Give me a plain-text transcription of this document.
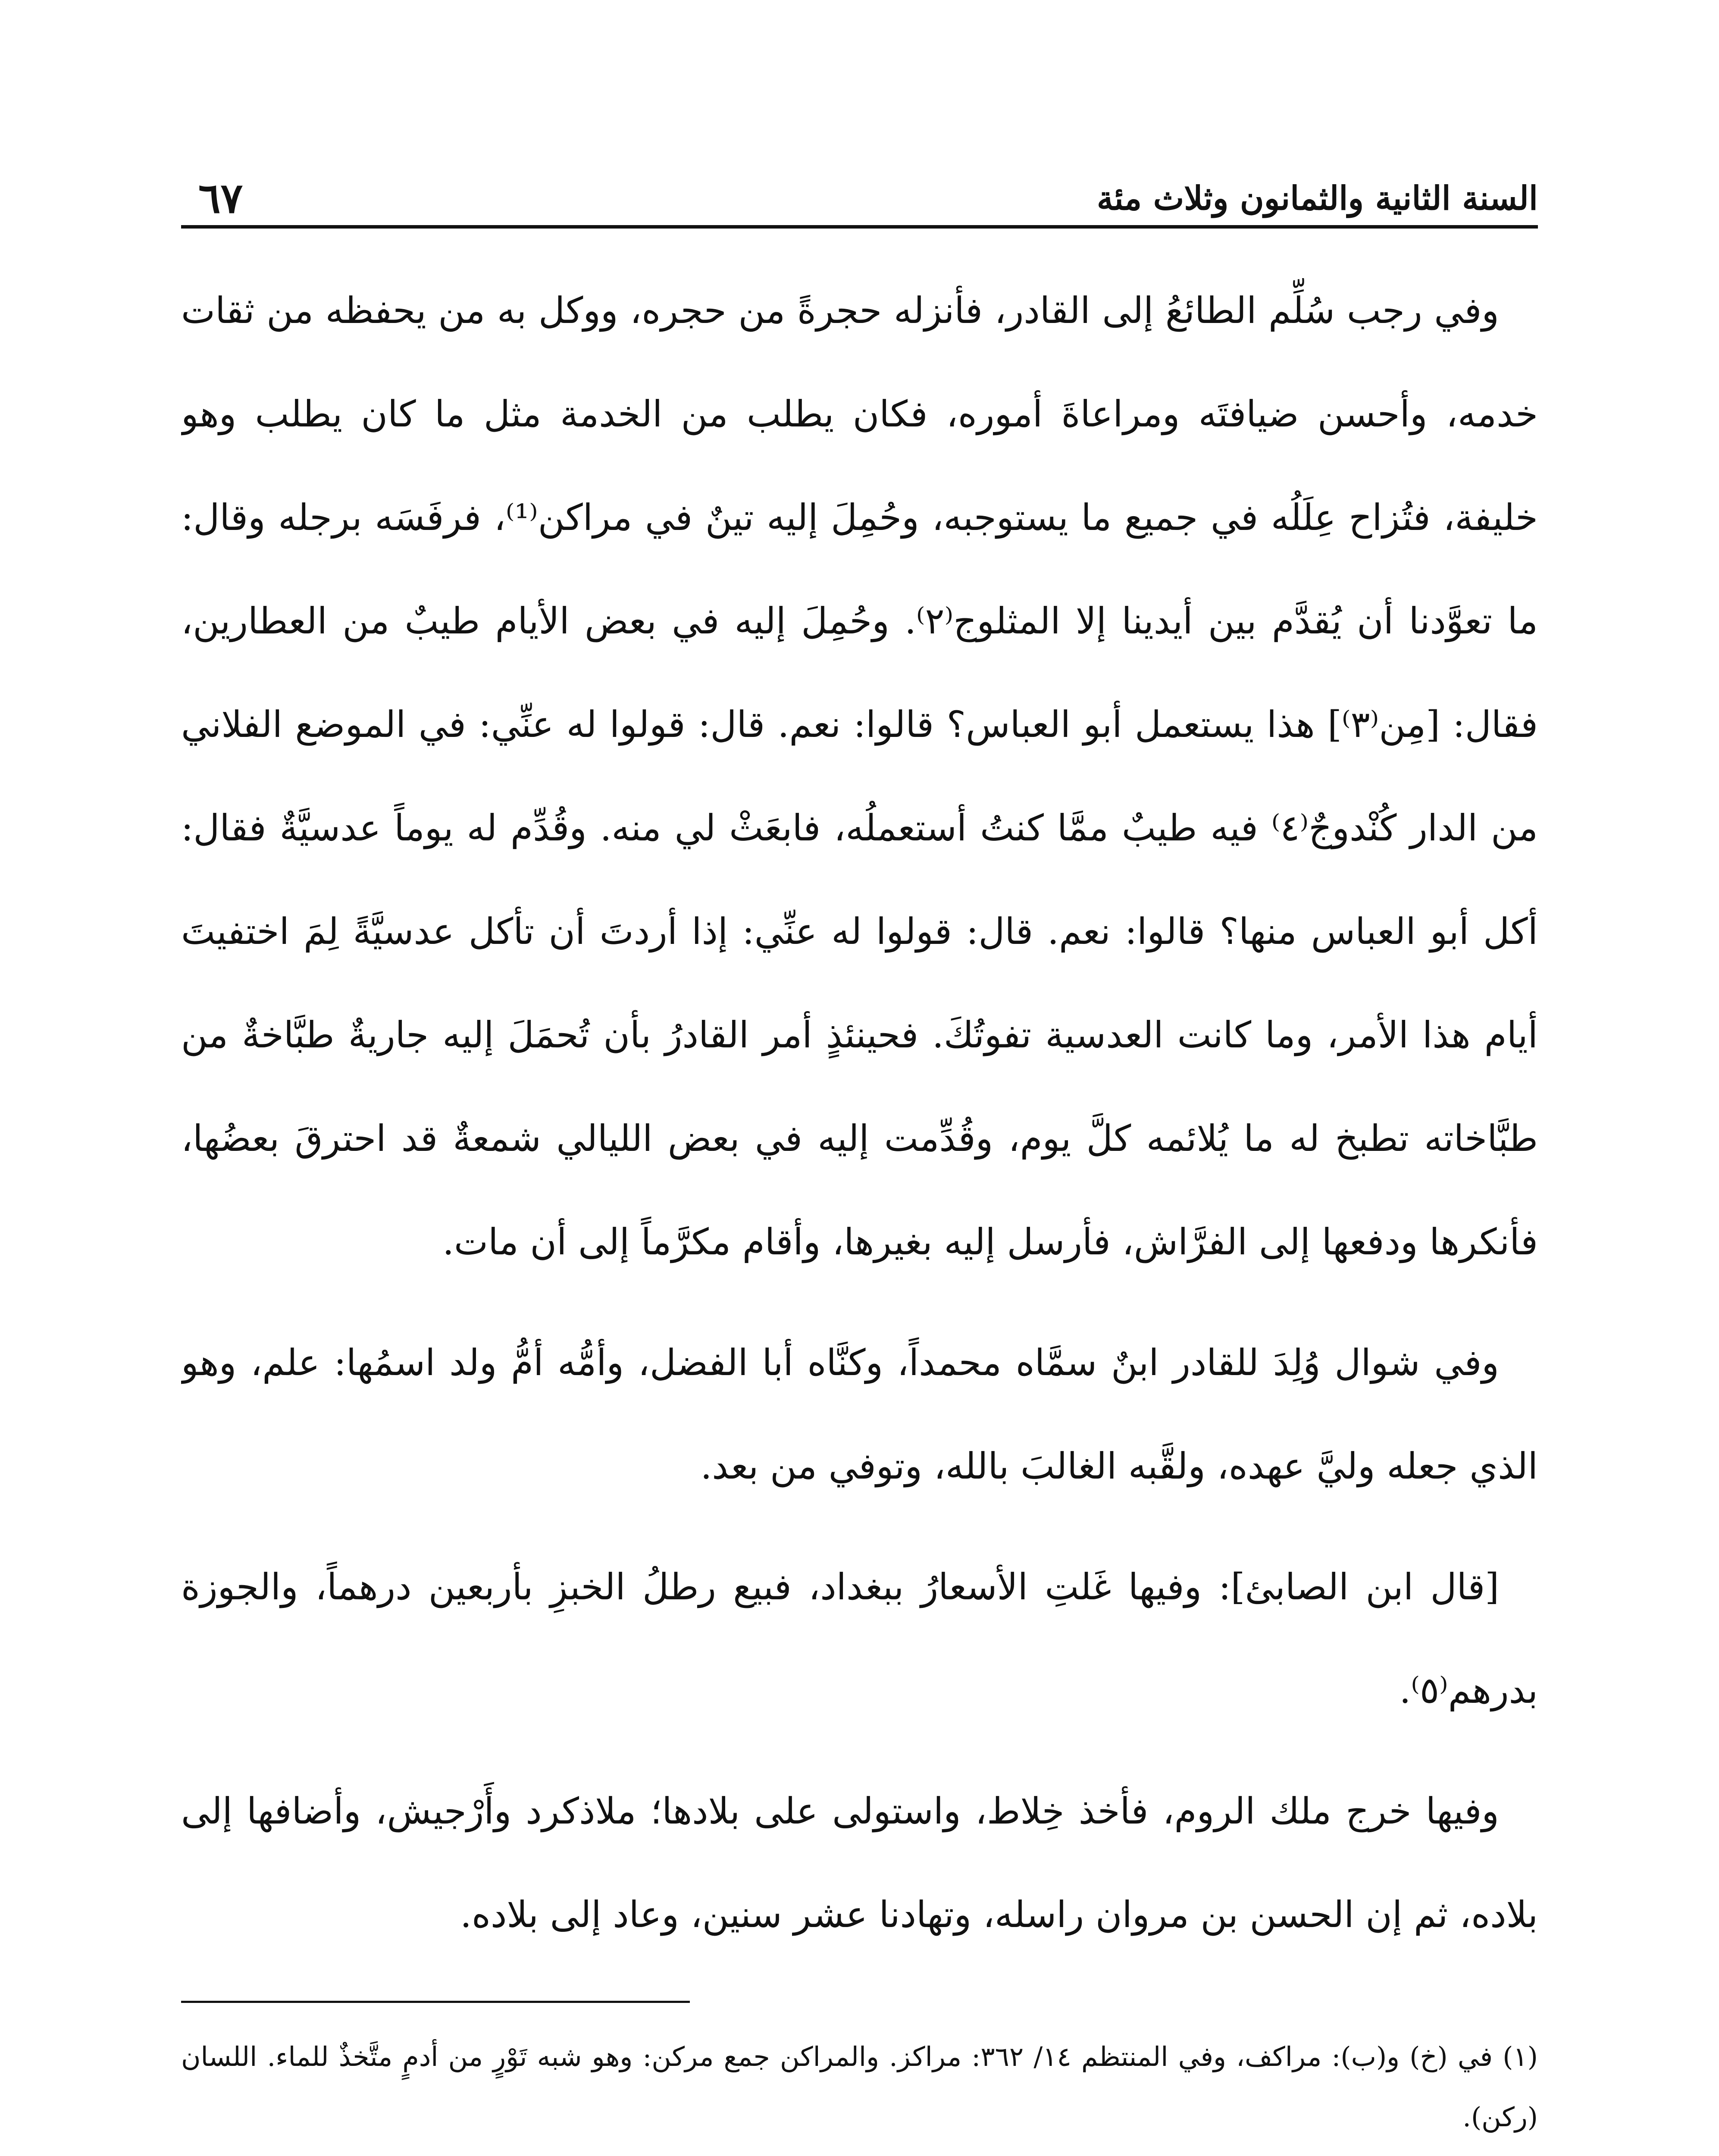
السنة الثانية والثمانون وثلاث مئة
٦٧

وفي رجب سُلِّم الطائعُ إلى القادر، فأنزله حجرةً من حجره، ووكل به من يحفظه من ثقات خدمه، وأحسن ضيافتَه ومراعاةَ أموره، فكان يطلب من الخدمة مثل ما كان يطلب وهو خليفة، فتُزاح عِلَلُه في جميع ما يستوجبه، وحُمِلَ إليه تينٌ في مراكن⁽¹⁾، فرفَسَه برجله وقال: ما تعوَّدنا أن يُقدَّم بين أيدينا إلا المثلوج⁽٢⁾. وحُمِلَ إليه في بعض الأيام طيبٌ من العطارين، فقال: [مِن⁽٣⁾] هذا يستعمل أبو العباس؟ قالوا: نعم. قال: قولوا له عنِّي: في الموضع الفلاني من الدار كُنْدوجٌ⁽٤⁾ فيه طيبٌ ممَّا كنتُ أستعملُه، فابعَثْ لي منه. وقُدِّم له يوماً عدسيَّةٌ فقال: أكل أبو العباس منها؟ قالوا: نعم. قال: قولوا له عنِّي: إذا أردتَ أن تأكل عدسيَّةً لِمَ اختفيتَ أيام هذا الأمر، وما كانت العدسية تفوتُكَ. فحينئذٍ أمر القادرُ بأن تُحمَلَ إليه جاريةٌ طبَّاخةٌ من طبَّاخاته تطبخ له ما يُلائمه كلَّ يوم، وقُدِّمت إليه في بعض الليالي شمعةٌ قد احترقَ بعضُها، فأنكرها ودفعها إلى الفرَّاش، فأرسل إليه بغيرها، وأقام مكرَّماً إلى أن مات.

وفي شوال وُلِدَ للقادر ابنٌ سمَّاه محمداً، وكنَّاه أبا الفضل، وأمُّه أمُّ ولد اسمُها: علم، وهو الذي جعله وليَّ عهده، ولقَّبه الغالبَ بالله، وتوفي من بعد.

[قال ابن الصابئ]: وفيها غَلتِ الأسعارُ ببغداد، فبيع رطلُ الخبزِ بأربعين درهماً، والجوزة بدرهم⁽٥⁾.

وفيها خرج ملك الروم، فأخذ خِلاط، واستولى على بلادها؛ ملاذكرد وأَرْجيش، وأضافها إلى بلاده، ثم إن الحسن بن مروان راسله، وتهادنا عشر سنين، وعاد إلى بلاده.

(١) في (خ) و(ب): مراكف، وفي المنتظم ١٤/ ٣٦٢: مراكز. والمراكن جمع مركن: وهو شبه تَوْرٍ من أدمٍ متَّخذٌ للماء. اللسان (ركن).
